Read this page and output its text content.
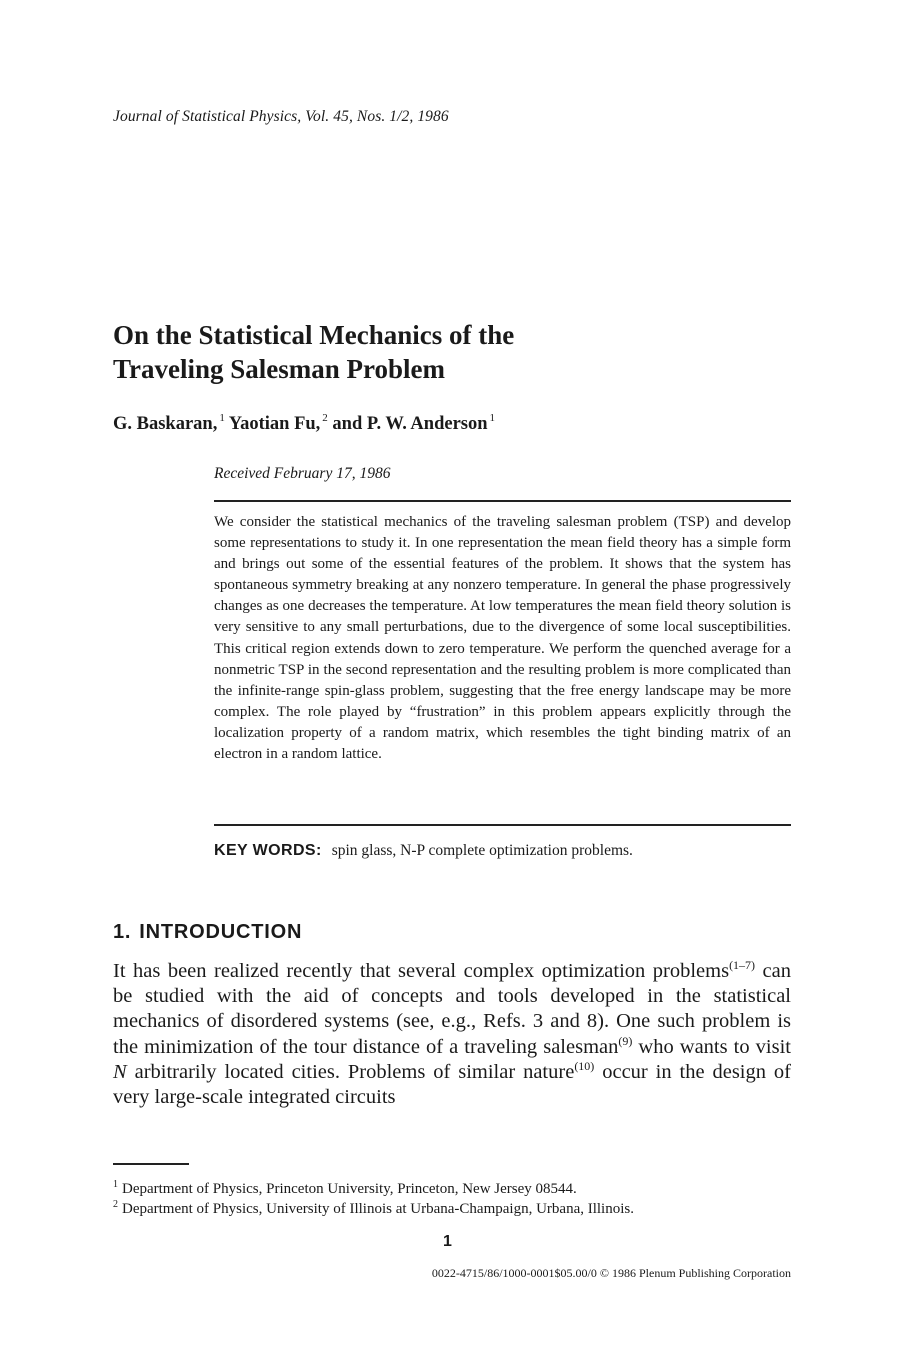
Journal of Statistical Physics, Vol. 45, Nos. 1/2, 1986
On the Statistical Mechanics of the
Traveling Salesman Problem
G. Baskaran, $^1$ Yaotian Fu, $^2$ and P. W. Anderson $^1$
Received February 17, 1986
We consider the statistical mechanics of the traveling salesman problem (TSP) and develop some representations to study it. In one representation the mean field theory has a simple form and brings out some of the essential features of the problem. It shows that the system has spontaneous symmetry breaking at any nonzero temperature. In general the phase progressively changes as one decreases the temperature. At low temperatures the mean field theory solution is very sensitive to any small perturbations, due to the divergence of some local susceptibilities. This critical region extends down to zero temperature. We perform the quenched average for a nonmetric TSP in the second representation and the resulting problem is more complicated than the infinite-range spin-glass problem, suggesting that the free energy landscape may be more complex. The role played by “frustration” in this problem appears explicitly through the localization property of a random matrix, which resembles the tight binding matrix of an electron in a random lattice.
KEY WORDS: spin glass, N-P complete optimization problems.
1. INTRODUCTION
It has been realized recently that several complex optimization problems$^{(1-7)}$ can be studied with the aid of concepts and tools developed in the statistical mechanics of disordered systems (see, e.g., Refs. 3 and 8). One such problem is the minimization of the tour distance of a traveling salesman$^{(9)}$ who wants to visit N arbitrarily located cities. Problems of similar nature$^{(10)}$ occur in the design of very large-scale integrated circuits
$^1$ Department of Physics, Princeton University, Princeton, New Jersey 08544.
$^2$ Department of Physics, University of Illinois at Urbana-Champaign, Urbana, Illinois.
1
0022-4715/86/1000-0001$05.00/0 © 1986 Plenum Publishing Corporation
